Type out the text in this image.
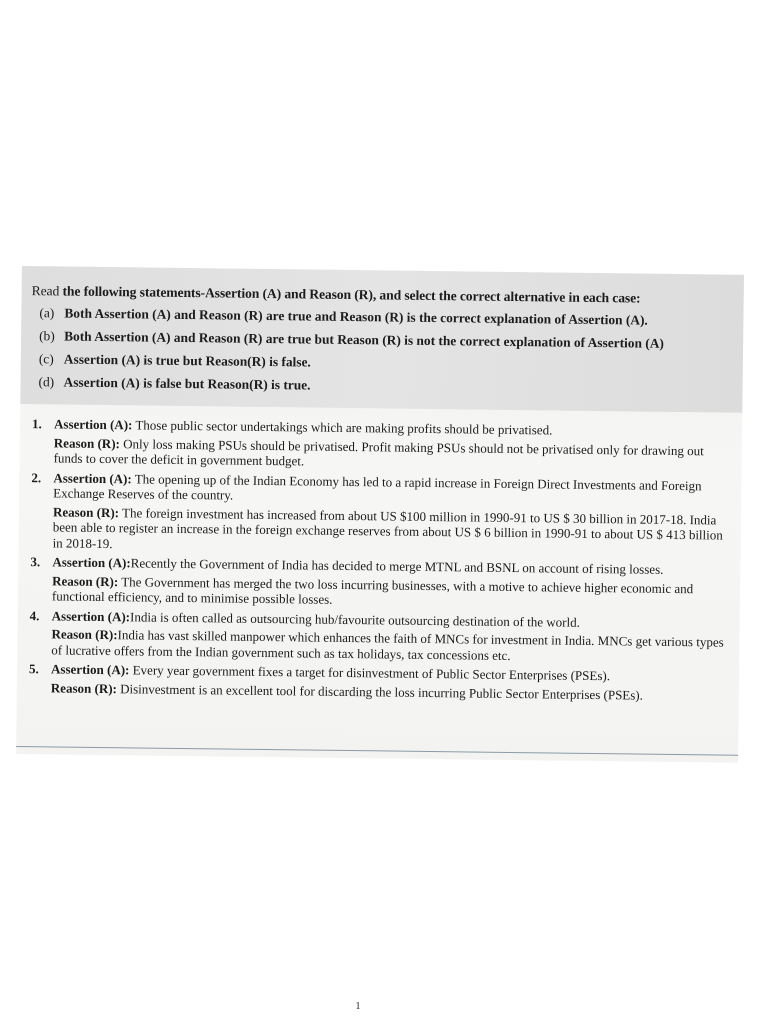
Read the following statements-Assertion (A) and Reason (R), and select the correct alternative in each case:
(a) Both Assertion (A) and Reason (R) are true and Reason (R) is the correct explanation of Assertion (A).
(b) Both Assertion (A) and Reason (R) are true but Reason (R) is not the correct explanation of Assertion (A)
(c) Assertion (A) is true but Reason(R) is false.
(d) Assertion (A) is false but Reason(R) is true.
1. Assertion (A): Those public sector undertakings which are making profits should be privatised.

Reason (R): Only loss making PSUs should be privatised. Profit making PSUs should not be privatised only for drawing out funds to cover the deficit in government budget.

2. Assertion (A): The opening up of the Indian Economy has led to a rapid increase in Foreign Direct Investments and Foreign Exchange Reserves of the country.

Reason (R): The foreign investment has increased from about US $100 million in 1990-91 to US $ 30 billion in 2017-18. India been able to register an increase in the foreign exchange reserves from about US $ 6 billion in 1990-91 to about US $ 413 billion in 2018-19.

3. Assertion (A):Recently the Government of India has decided to merge MTNL and BSNL on account of rising losses.

Reason (R): The Government has merged the two loss incurring businesses, with a motive to achieve higher economic and functional efficiency, and to minimise possible losses.

4. Assertion (A):India is often called as outsourcing hub/favourite outsourcing destination of the world.

Reason (R):India has vast skilled manpower which enhances the faith of MNCs for investment in India. MNCs get various types of lucrative offers from the Indian government such as tax holidays, tax concessions etc.

5. Assertion (A): Every year government fixes a target for disinvestment of Public Sector Enterprises (PSEs).

Reason (R): Disinvestment is an excellent tool for discarding the loss incurring Public Sector Enterprises (PSEs).

1
